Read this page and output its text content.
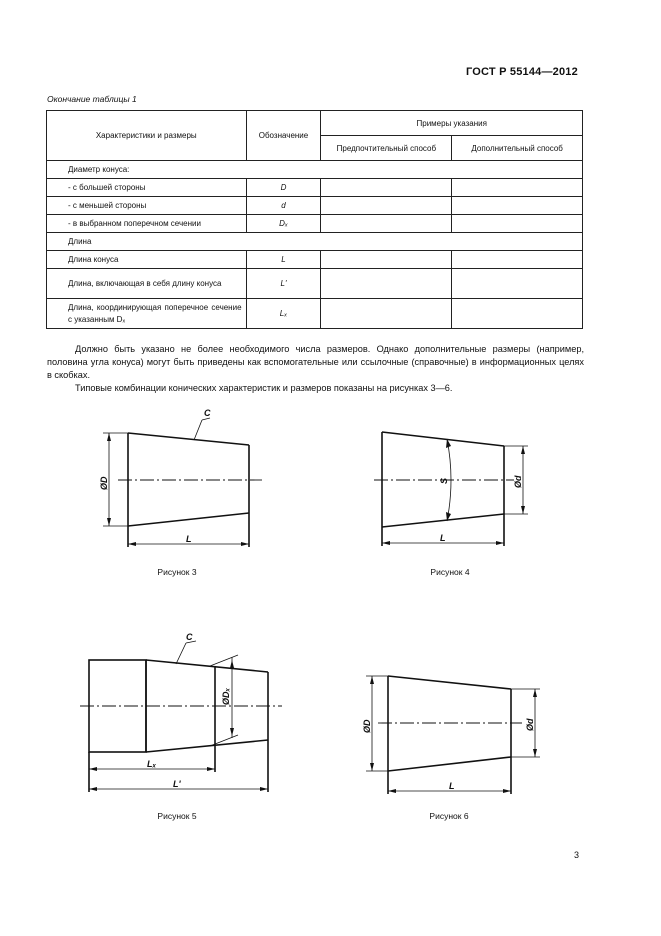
ГОСТ Р 55144—2012
Окончание таблицы 1
Характеристики и размеры	Обозначение	Примеры указания	
		Предпочтительный способ	Дополнительный способ
Диаметр конуса:			
- с большей стороны	D		
- с меньшей стороны	d		
- в выбранном поперечном сечении	Dₓ		
Длина			
Длина конуса	L		
Длина, включающая в себя длину конуса	L'		
Длина, координирующая поперечное сечение с указанным Dₓ	Lₓ		
Должно быть указано не более необходимого числа размеров. Однако дополнительные размеры (например, половина угла конуса) могут быть приведены как вспомогательные или ссылочные (справочные) в информационных целях в скобках.
Типовые комбинации конических характеристик и размеров показаны на рисунках 3—6.
C
ØD
L
S	Ød
L
C
ØDₓ
Lₓ
L'
ØD	Ød
L
Рисунок 3	Рисунок 4
Рисунок 5	Рисунок 6
3
